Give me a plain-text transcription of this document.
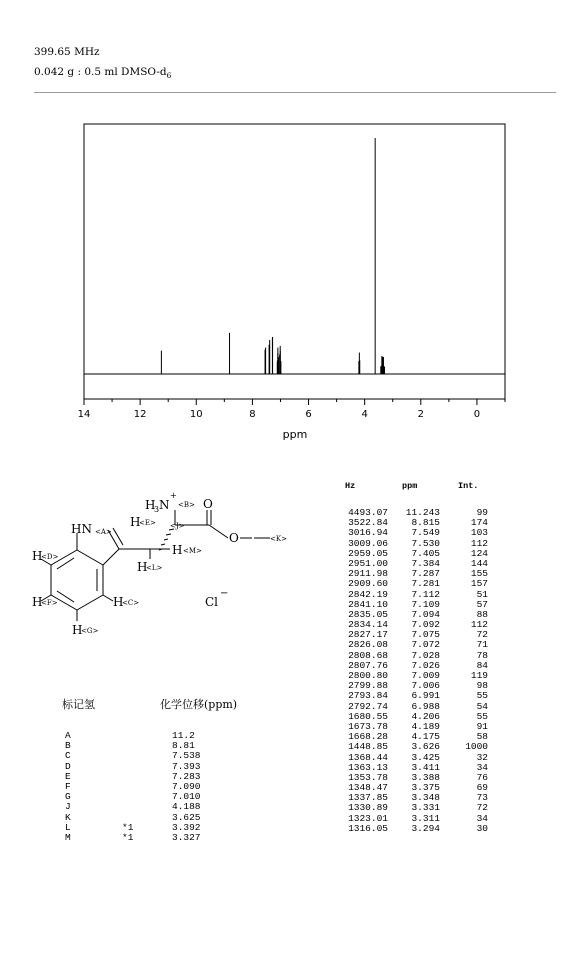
399.65 MHz
0.042 g : 0.5 ml DMSO-$d_6$
14	12	10	8	6	4	2	0
ppm
H
3 N
+
O
O
HN	H
H
H
H
H	H
H
Cl
−
<B>
<A>
<E> <J>
<K>
<D>
<M>
<L>
<F>	<C>
<G>
标记氢	化学位移(ppm)
A	11.2
B	8.81
C	7.538
D	7.393
E	7.283
F	7.090
G	7.010
J	4.188
K	3.625
L	*1	3.392
M	*1	3.327
Hz	ppm	Int.
4493.07 11.243	99
3522.84 8.815	174
3016.94 7.549	103
3009.06 7.530	112
2959.05 7.405	124
2951.00 7.384	144
2911.98 7.287	155
2909.60 7.281	157
2842.19 7.112	51
2841.10 7.109	57
2835.05 7.094	88
2834.14 7.092	112
2827.17 7.075	72
2826.08 7.072	71
2808.68 7.028	78
2807.76 7.026	84
2800.80 7.009	119
2799.88 7.006	98
2793.84 6.991	55
2792.74 6.988	54
1680.55 4.206	55
1673.78 4.189	91
1668.28 4.175	58
1448.85 3.626	1000
1368.44 3.425	32
1363.13 3.411	34
1353.78 3.388	76
1348.47 3.375	69
1337.85 3.348	73
1330.89 3.331	72
1323.01 3.311	34
1316.05 3.294	30
